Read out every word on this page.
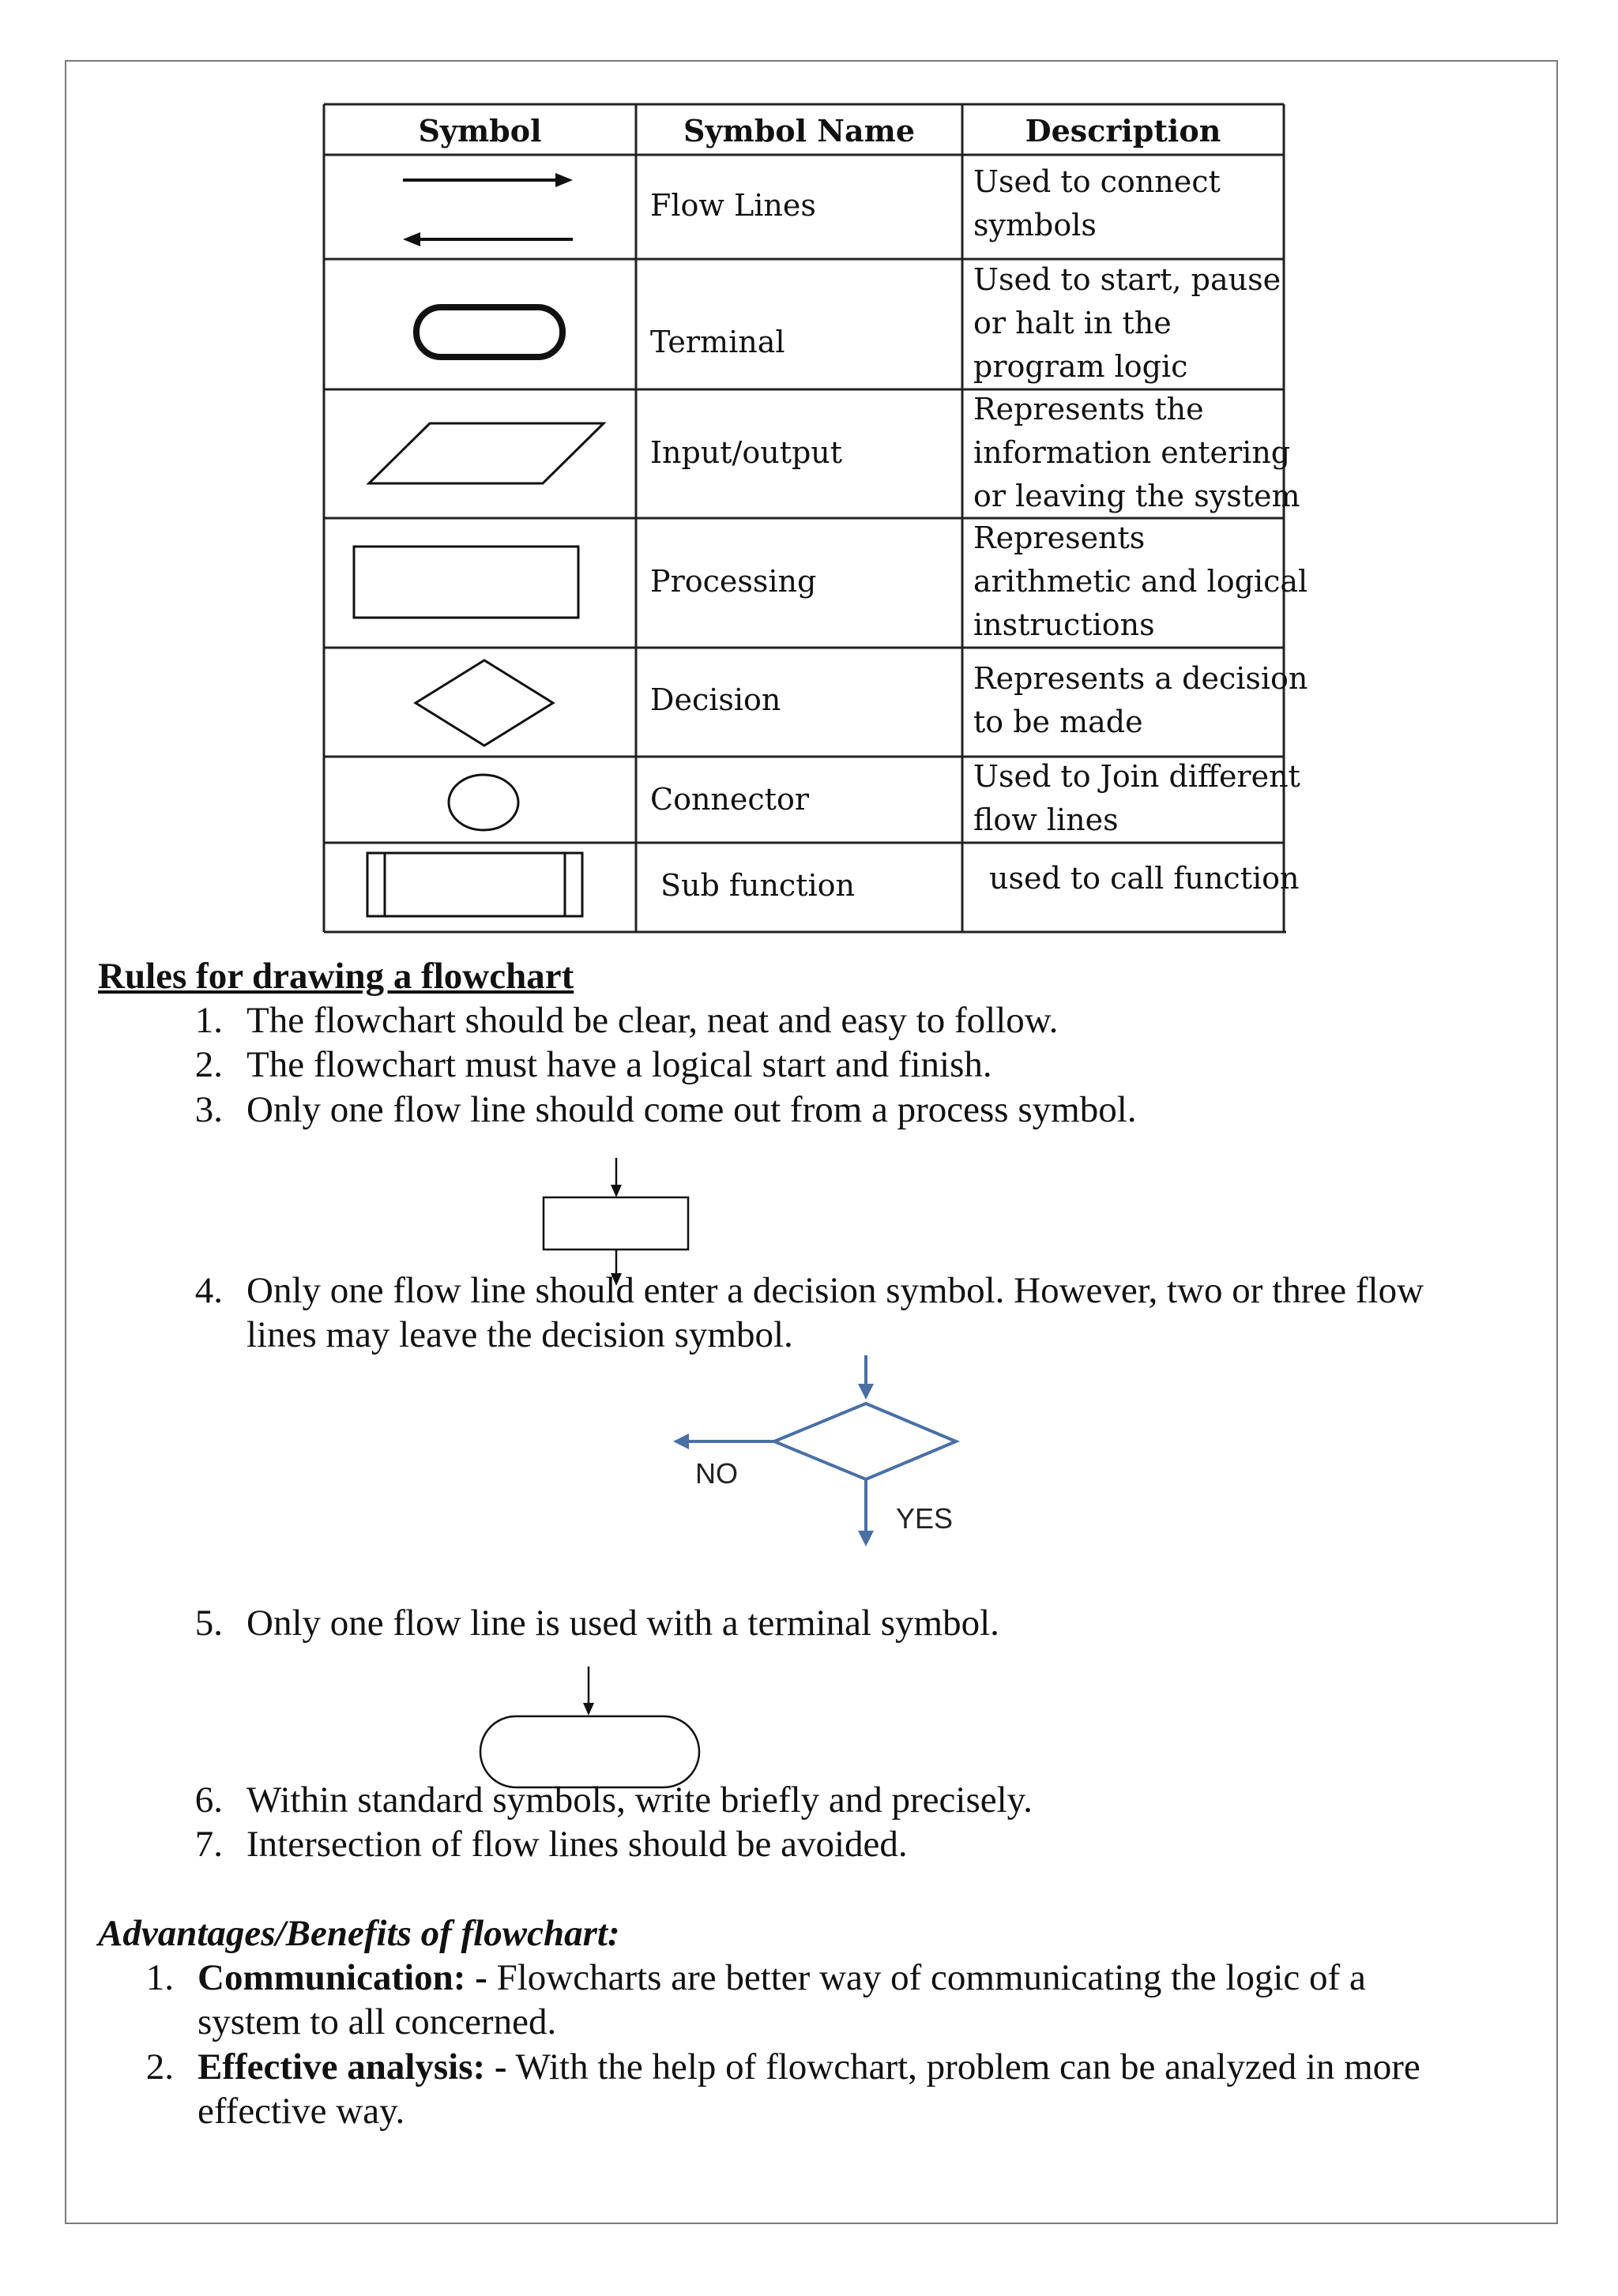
Symbol	Symbol Name	Description
Flow Lines
Terminal
Input/output
Processing
Decision
Connector
Sub function
Used to connect
symbols
Used to start, pause
or halt in the
program logic
Represents the
information entering
or leaving the system
Represents
arithmetic and logical
instructions
Represents a decision
to be made
Used to Join different
flow lines
used to call function
Rules for drawing a flowchart
1. The flowchart should be clear, neat and easy to follow.
2. The flowchart must have a logical start and finish.
3. Only one flow line should come out from a process symbol.
4. Only one flow line should enter a decision symbol. However, two or three flow
lines may leave the decision symbol.
NO
YES
5. Only one flow line is used with a terminal symbol.
6. Within standard symbols, write briefly and precisely.
7. Intersection of flow lines should be avoided.
Advantages/Benefits of flowchart:
1. Communication: - Flowcharts are better way of communicating the logic of a
system to all concerned.
2. Effective analysis: - With the help of flowchart, problem can be analyzed in more
effective way.
